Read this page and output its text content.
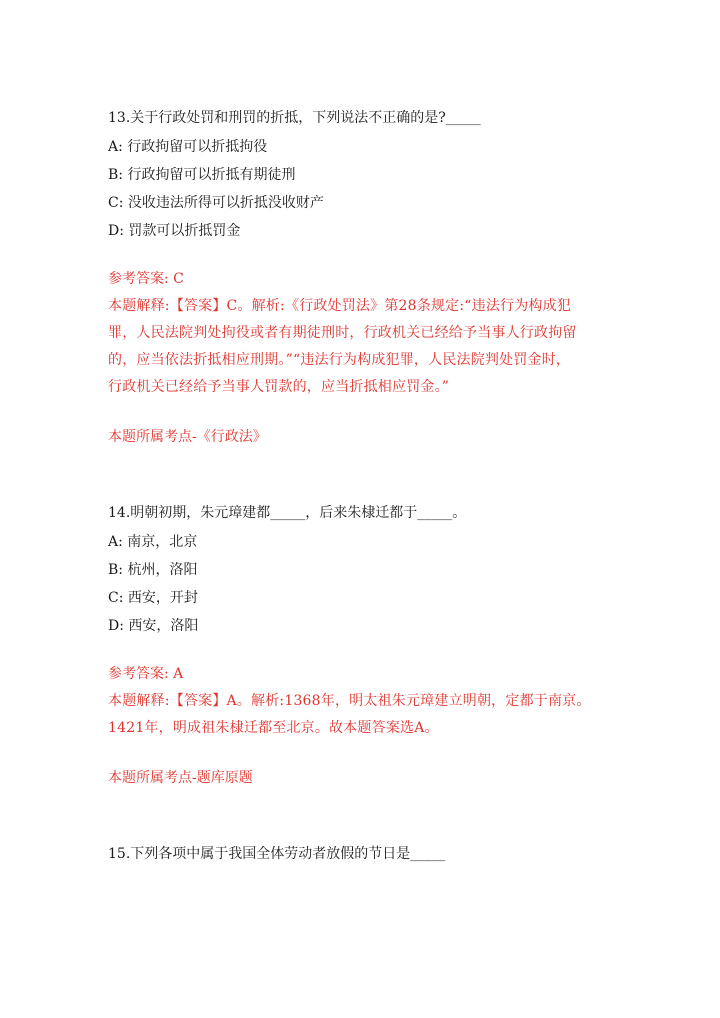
13.关于行政处罚和刑罚的折抵，下列说法不正确的是?_____

A: 行政拘留可以折抵拘役

B: 行政拘留可以折抵有期徒刑

C: 没收违法所得可以折抵没收财产

D: 罚款可以折抵罚金

参考答案: C

本题解释:【答案】C。解析:《行政处罚法》第28条规定:“违法行为构成犯
罪，人民法院判处拘役或者有期徒刑时，行政机关已经给予当事人行政拘留
的，应当依法折抵相应刑期。”“违法行为构成犯罪，人民法院判处罚金时，
行政机关已经给予当事人罚款的，应当折抵相应罚金。”

本题所属考点-《行政法》

14.明朝初期，朱元璋建都_____，后来朱棣迁都于_____。

A: 南京，北京

B: 杭州，洛阳

C: 西安，开封

D: 西安，洛阳

参考答案: A

本题解释:【答案】A。解析:1368年，明太祖朱元璋建立明朝，定都于南京。
1421年，明成祖朱棣迁都至北京。故本题答案选A。

本题所属考点-题库原题

15.下列各项中属于我国全体劳动者放假的节日是_____
